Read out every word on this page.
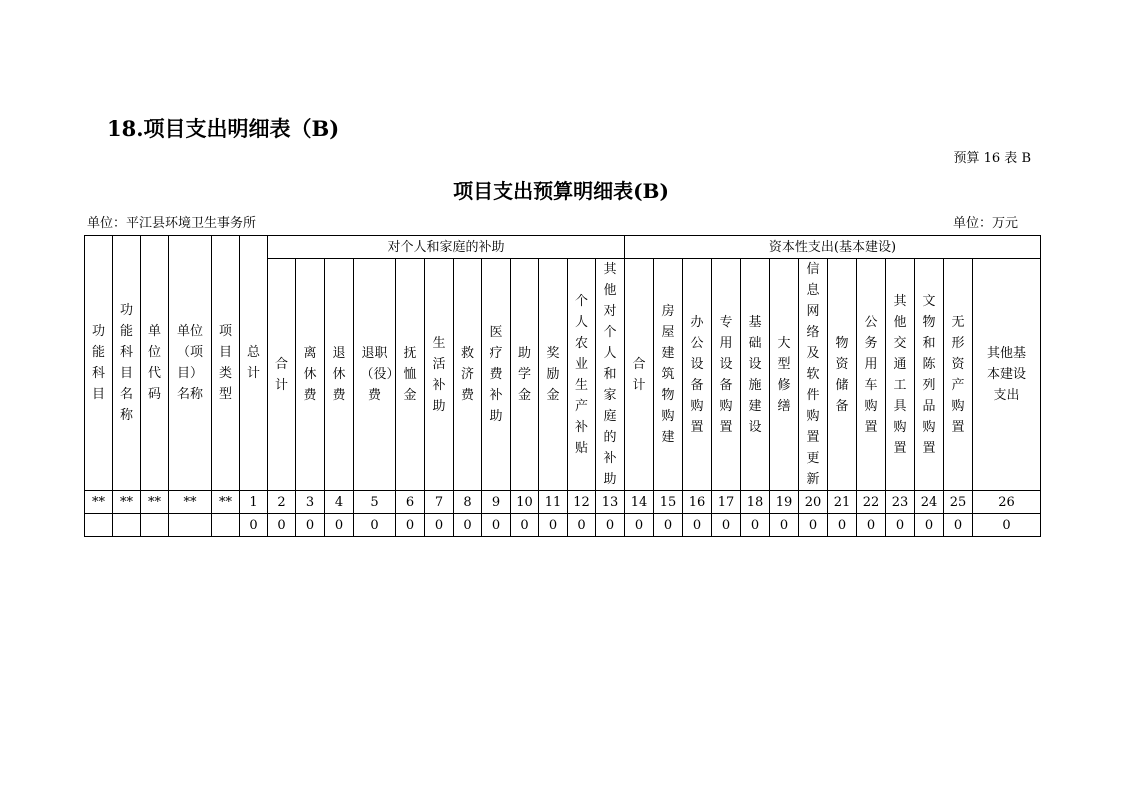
18.项目支出明细表（B)
预算 16 表 B
项目支出预算明细表(B)
单位：平江县环境卫生事务所	单位：万元
功能科目	功能科目名称	单位代码	单位（项目）名称	项目类型	总计	对个人和家庭的补助												资本性支出(基本建设)												

						合计	离休费	退休费	退职（役）费	抚恤金	生活补助	救济费	医疗费补助	助学金	奖励金	个人农业生产补贴	其他对个人和家庭的补助	合计	房屋建筑物购建	办公设备购置	专用设备购置	基础设施建设	大型修缮	信息网络及软件购置更新	物资储备	公务用车购置	其他交通工具购置	文物和陈列品购置	无形资产购置	其他基本建设支出

**	**	**	**	**	1	2	3	4	5	6	7	8	9	10	11	12	13	14	15	16	17	18	19	20	21	22	23	24	25	26
					0	0	0	0	0	0	0	0	0	0	0	0	0	0	0	0	0	0	0	0	0	0	0	0	0	0
